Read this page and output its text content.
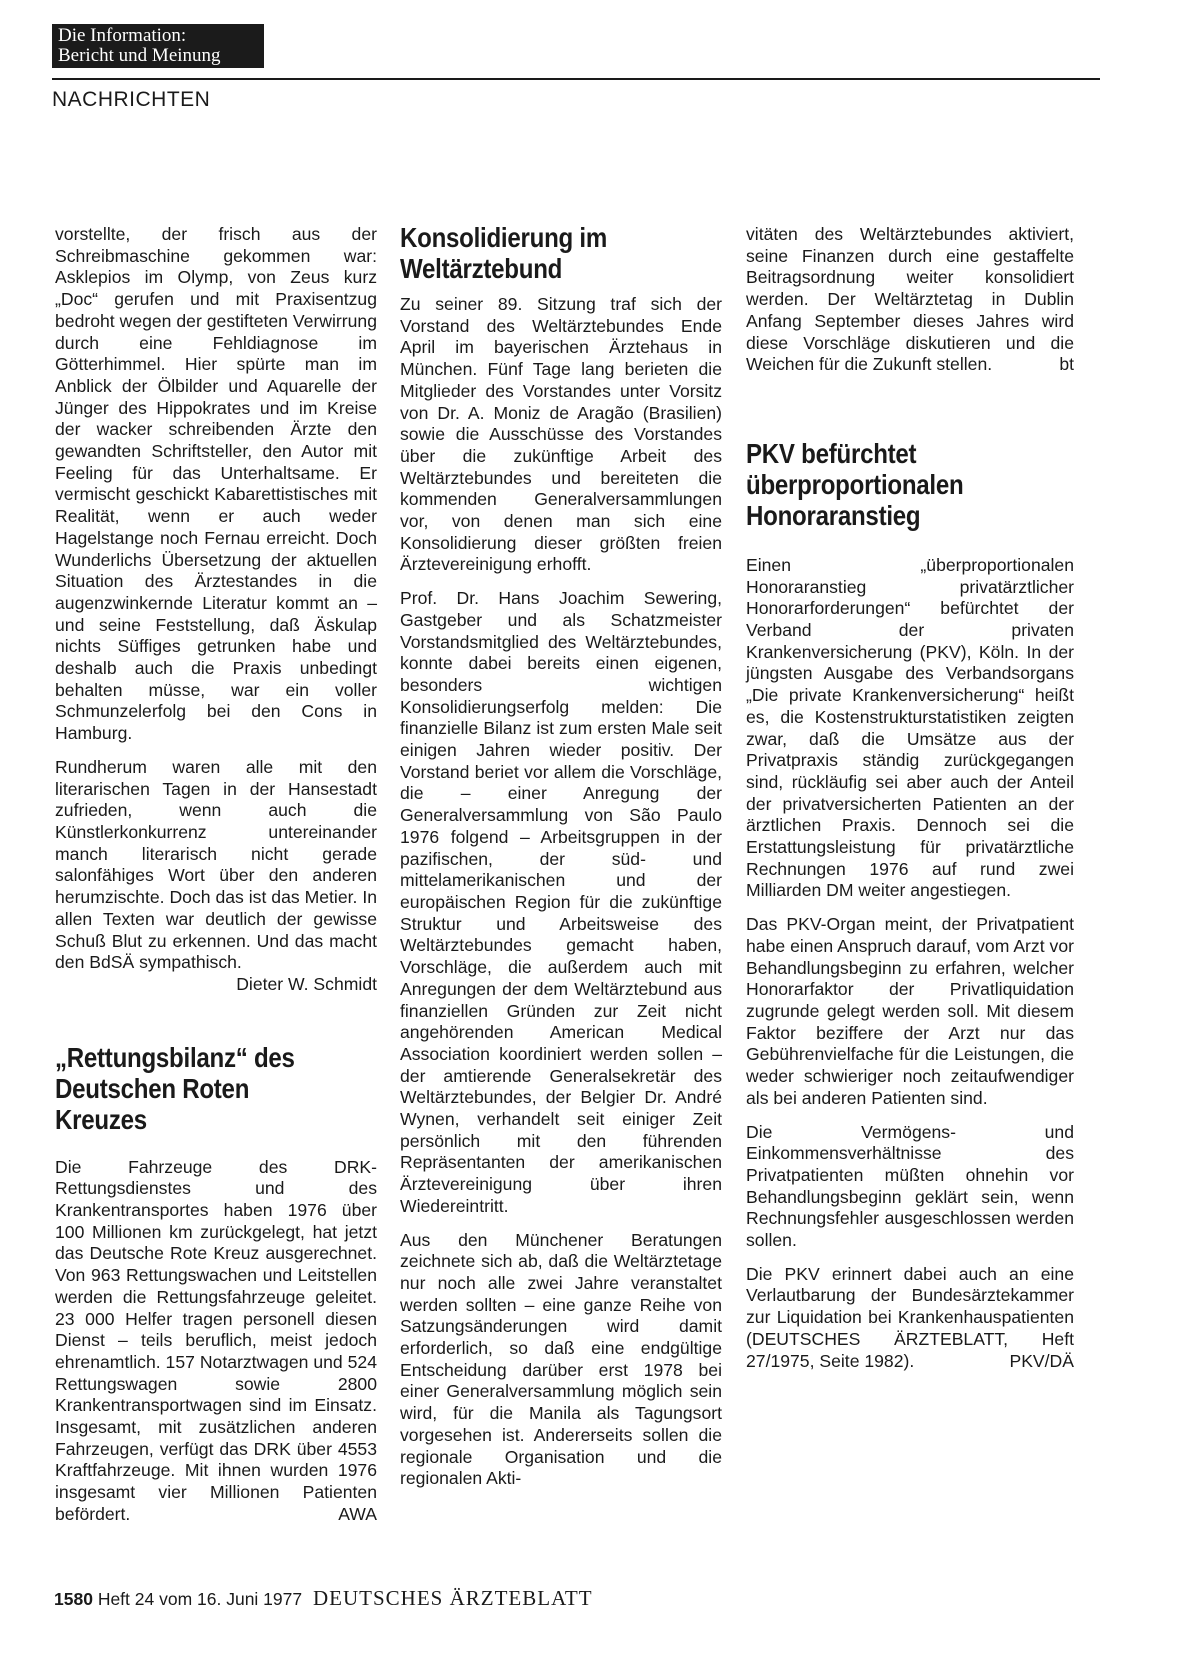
Die Information:
Bericht und Meinung
NACHRICHTEN

vorstellte, der frisch aus der Schreibmaschine gekommen war: Asklepios im Olymp, von Zeus kurz „Doc“ gerufen und mit Praxisentzug bedroht wegen der gestifteten Verwirrung durch eine Fehldiagnose im Götterhimmel. Hier spürte man im Anblick der Ölbilder und Aquarelle der Jünger des Hippokrates und im Kreise der wacker schreibenden Ärzte den gewandten Schriftsteller, den Autor mit Feeling für das Unterhaltsame. Er vermischt geschickt Kabarettistisches mit Realität, wenn er auch weder Hagelstange noch Fernau erreicht. Doch Wunderlichs Übersetzung der aktuellen Situation des Ärztestandes in die augenzwinkernde Literatur kommt an – und seine Feststellung, daß Äskulap nichts Süffiges getrunken habe und deshalb auch die Praxis unbedingt behalten müsse, war ein voller Schmunzelerfolg bei den Cons in Hamburg.

Rundherum waren alle mit den literarischen Tagen in der Hansestadt zufrieden, wenn auch die Künstlerkonkurrenz untereinander manch literarisch nicht gerade salonfähiges Wort über den anderen herumzischte. Doch das ist das Metier. In allen Texten war deutlich der gewisse Schuß Blut zu erkennen. Und das macht den BdSÄ sympathisch.

Dieter W. Schmidt
„Rettungsbilanz“ des Deutschen Roten Kreuzes

Die Fahrzeuge des DRK-Rettungsdienstes und des Krankentransportes haben 1976 über 100 Millionen km zurückgelegt, hat jetzt das Deutsche Rote Kreuz ausgerechnet. Von 963 Rettungswachen und Leitstellen werden die Rettungsfahrzeuge geleitet. 23 000 Helfer tragen personell diesen Dienst – teils beruflich, meist jedoch ehrenamtlich. 157 Notarztwagen und 524 Rettungswagen sowie 2800 Krankentransportwagen sind im Einsatz. Insgesamt, mit zusätzlichen anderen Fahrzeugen, verfügt das DRK über 4553 Kraftfahrzeuge. Mit ihnen wurden 1976 insgesamt vier Millionen Patienten befördert.	AWA

Konsolidierung im Weltärztebund

Zu seiner 89. Sitzung traf sich der Vorstand des Weltärztebundes Ende April im bayerischen Ärztehaus in München. Fünf Tage lang berieten die Mitglieder des Vorstandes unter Vorsitz von Dr. A. Moniz de Aragão (Brasilien) sowie die Ausschüsse des Vorstandes über die zukünftige Arbeit des Weltärztebundes und bereiteten die kommenden Generalversammlungen vor, von denen man sich eine Konsolidierung dieser größten freien Ärztevereinigung erhofft.

Prof. Dr. Hans Joachim Sewering, Gastgeber und als Schatzmeister Vorstandsmitglied des Weltärztebundes, konnte dabei bereits einen eigenen, besonders wichtigen Konsolidierungserfolg melden: Die finanzielle Bilanz ist zum ersten Male seit einigen Jahren wieder positiv. Der Vorstand beriet vor allem die Vorschläge, die – einer Anregung der Generalversammlung von São Paulo 1976 folgend – Arbeitsgruppen in der pazifischen, der süd- und mittelamerikanischen und der europäischen Region für die zukünftige Struktur und Arbeitsweise des Weltärztebundes gemacht haben, Vorschläge, die außerdem auch mit Anregungen der dem Weltärztebund aus finanziellen Gründen zur Zeit nicht angehörenden American Medical Association koordiniert werden sollen – der amtierende Generalsekretär des Weltärztebundes, der Belgier Dr. André Wynen, verhandelt seit einiger Zeit persönlich mit den führenden Repräsentanten der amerikanischen Ärztevereinigung über ihren Wiedereintritt.

Aus den Münchener Beratungen zeichnete sich ab, daß die Weltärztetage nur noch alle zwei Jahre veranstaltet werden sollten – eine ganze Reihe von Satzungsänderungen wird damit erforderlich, so daß eine endgültige Entscheidung darüber erst 1978 bei einer Generalversammlung möglich sein wird, für die Manila als Tagungsort vorgesehen ist. Andererseits sollen die regionale Organisation und die regionalen Akti-

vitäten des Weltärztebundes aktiviert, seine Finanzen durch eine gestaffelte Beitragsordnung weiter konsolidiert werden. Der Weltärztetag in Dublin Anfang September dieses Jahres wird diese Vorschläge diskutieren und die Weichen für die Zukunft stellen.	bt

PKV befürchtet überproportionalen Honoraranstieg

Einen „überproportionalen Honoraranstieg privatärztlicher Honorarforderungen“ befürchtet der Verband der privaten Krankenversicherung (PKV), Köln. In der jüngsten Ausgabe des Verbandsorgans „Die private Krankenversicherung“ heißt es, die Kostenstrukturstatistiken zeigten zwar, daß die Umsätze aus der Privatpraxis ständig zurückgegangen sind, rückläufig sei aber auch der Anteil der privatversicherten Patienten an der ärztlichen Praxis. Dennoch sei die Erstattungsleistung für privatärztliche Rechnungen 1976 auf rund zwei Milliarden DM weiter angestiegen.

Das PKV-Organ meint, der Privatpatient habe einen Anspruch darauf, vom Arzt vor Behandlungsbeginn zu erfahren, welcher Honorarfaktor der Privatliquidation zugrunde gelegt werden soll. Mit diesem Faktor beziffere der Arzt nur das Gebührenvielfache für die Leistungen, die weder schwieriger noch zeitaufwendiger als bei anderen Patienten sind.

Die Vermögens- und Einkommensverhältnisse des Privatpatienten müßten ohnehin vor Behandlungsbeginn geklärt sein, wenn Rechnungsfehler ausgeschlossen werden sollen.

Die PKV erinnert dabei auch an eine Verlautbarung der Bundesärztekammer zur Liquidation bei Krankenhauspatienten (DEUTSCHES ÄRZTEBLATT, Heft 27/1975, Seite 1982).	PKV/DÄ

1580 Heft 24 vom 16. Juni 1977 DEUTSCHES ÄRZTEBLATT
